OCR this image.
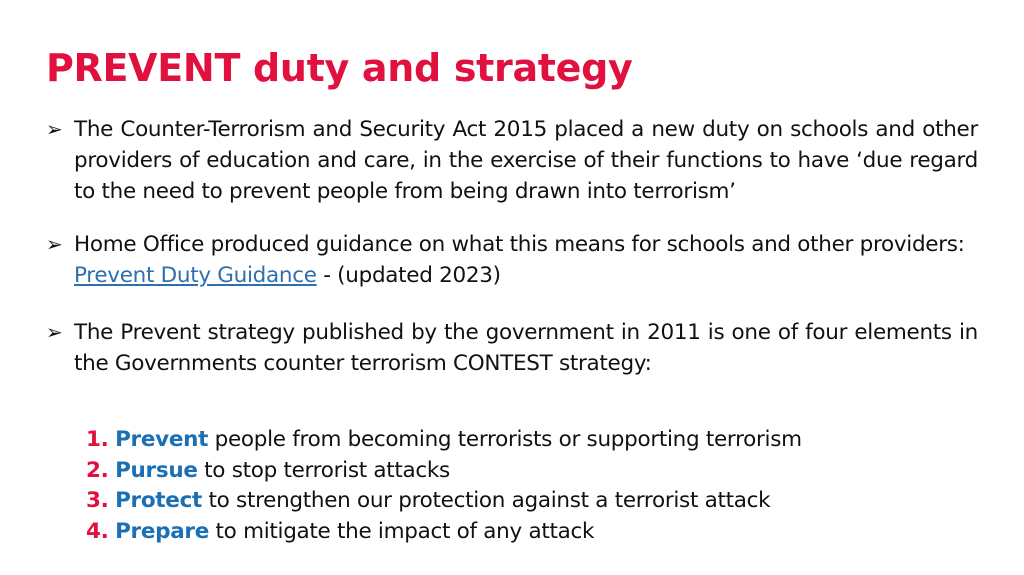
PREVENT duty and strategy
➢ The Counter-Terrorism and Security Act 2015 placed a new duty on schools and other providers of education and care, in the exercise of their functions to have ‘due regard to the need to prevent people from being drawn into terrorism’
➢ Home Office produced guidance on what this means for schools and other providers: Prevent Duty Guidance - (updated 2023)
➢ The Prevent strategy published by the government in 2011 is one of four elements in the Governments counter terrorism CONTEST strategy:
1. Prevent people from becoming terrorists or supporting terrorism
2. Pursue to stop terrorist attacks
3. Protect to strengthen our protection against a terrorist attack
4. Prepare to mitigate the impact of any attack
